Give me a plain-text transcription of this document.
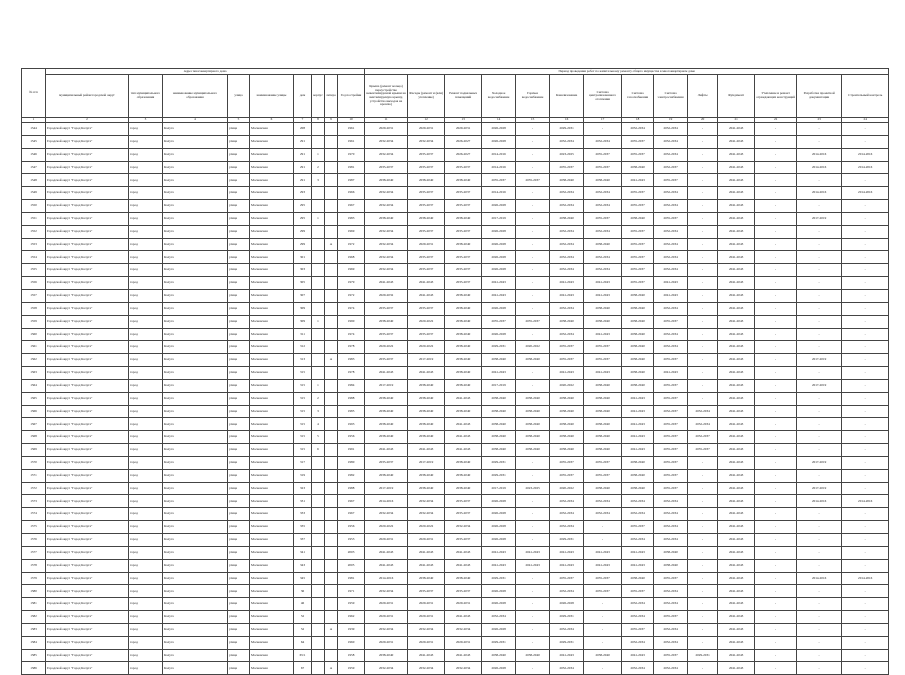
№ п/п	Адрес многоквартирного дома									Период проведения работ по капитальному ремонту общего имущества в многоквартирном доме													
	муниципальный район/городской округ	тип муниципального образования	наименование муниципального образования	улица	наименование улицы	дом	корпус	литера	Год постройки	Крыша (ремонт кольцо) переустройство невентилируемой крыши на вентилируемую крышу, устройство выходов на кровлю)	Фасады (ремонт и (или) утепление)	Ремонт подвальных помещений	Холодное водоснабжение	Горячее водоснабжение	Канализование	Система централизованного отопления	Система газоснабжения	Система электроснабжения	Лифты	Фундамент	Утепление и ремонт ограждающих конструкций	Разработка проектной документации	Строительный контроль
1	2	3	4	5	6	7	8	9	10	11	12	13	14	15	16	17	18	19	20	21	22	23	24
1544	Городской округ "Город Калуга"	город	Калуга	улица	Московская	208			1961	2029-2031	2029-2031	2029-2031	2026-2028	-	2029-2031	-	2032-2034	2032-2034	-	2041-2043	-	-	-
1545	Городской округ "Город Калуга"	город	Калуга	улица	Московская	291			1961	2032-2034	2032-2034	2026-2027	2026-2028	-	2032-2034	2032-2034	2035-2037	2032-2034	-	2041-2043	-	-	-
1546	Городской округ "Город Калуга"	город	Калуга	улица	Московская	291	1		1970	2032-2034	2035-2037	2026-2027	2014-2016	-	2023-2025	2035-2037	2035-2037	2032-2034	-	2041-2043	-	2014-2016	2014-2016
1547	Городской округ "Город Калуга"	город	Калуга	улица	Московская	291	2		1981	2035-2037	2035-2037	2035-2037	2014-2016	-	2035-2037	2035-2037	2038-2040	2032-2037	-	2041-2043	-	2014-2016	2014-2016
1548	Городской округ "Город Калуга"	город	Калуга	улица	Московская	291	3		1987	2038-2040	2038-2040	2038-2040	2035-2037	2035-2037	2038-2040	2038-2040	2041-2043	2035-2037	-	2041-2043	-	-	-
1549	Городской округ "Город Калуга"	город	Калуга	улица	Московская	293			1966	2032-2034	2035-2037	2035-2037	2014-2016	-	2032-2034	2032-2034	2035-2037	2032-2034	-	2041-2043	-	2014-2016	2014-2016
1550	Городской округ "Город Калуга"	город	Калуга	улица	Московская	295			1967	2032-2034	2035-2037	2035-2037	2026-2028	-	2032-2034	2032-2034	2035-2037	2032-2034	-	2041-2043	-	-	-
1551	Городской округ "Город Калуга"	город	Калуга	улица	Московская	295	1		1983	2038-2040	2038-2040	2038-2040	2017-2019	-	2038-2040	2035-2037	2038-2040	2035-2037	-	2041-2043	-	2017-2019	-
1552	Городской округ "Город Калуга"	город	Калуга	улица	Московская	299			1969	2032-2034	2035-2037	2035-2037	2026-2028	-	2032-2034	2032-2034	2035-2037	2032-2034	-	2041-2043	-	-	-
1553	Городской округ "Город Калуга"	город	Калуга	улица	Московская	299		А	1972	2032-2034	2029-2031	2038-2040	2026-2028	-	2032-2034	2038-2040	2035-2037	2032-2034	-	2041-2043	-	-	-
1554	Городской округ "Город Калуга"	город	Калуга	улица	Московская	301			1968	2032-2034	2035-2037	2035-2037	2026-2028	-	2032-2034	2032-2034	2035-2037	2032-2034	-	2041-2043	-	-	-
1555	Городской округ "Город Калуга"	город	Калуга	улица	Московская	303			1969	2032-2034	2035-2037	2035-2037	2026-2028	-	2032-2034	2032-2034	2035-2037	2032-2034	-	2041-2043	-	-	-
1556	Городской округ "Город Калуга"	город	Калуга	улица	Московская	305			1979	2041-2043	2041-2043	2035-2037	2041-2043	-	2041-2043	2041-2043	2035-2037	2041-2043	-	2041-2043	-	-	-
1557	Городской округ "Город Калуга"	город	Калуга	улица	Московская	307			1972	2029-2032	2041-2043	2038-2040	2041-2043	-	2041-2043	2041-2043	2038-2040	2041-2043	-	2041-2043	-	-	-
1558	Городской округ "Город Калуга"	город	Калуга	улица	Московская	309			1974	2035-2037	2035-2037	2038-2040	2026-2028	-	2032-2034	2038-2040	2038-2040	2032-2034	-	2041-2043	-	-	-
1559	Городской округ "Город Калуга"	город	Калуга	улица	Московская	309	1		1990	2038-2040	2020-2022	2038-2040	2035-2037	2035-2037	2038-2040	2038-2040	2038-2040	2035-2037	-	2041-2043	-	-	-
1560	Городской округ "Город Калуга"	город	Калуга	улица	Московская	311			1974	2035-2037	2035-2037	2038-2040	2026-2028	-	2032-2034	2041-2043	2038-2040	2032-2034	-	2041-2043	-	-	-
1561	Городской округ "Город Калуга"	город	Калуга	улица	Московская	312			1978	2029-2022	2020-2022	2038-2040	2029-2031	2020-2022	2035-2037	2035-2037	2038-2040	2032-2034	-	2041-2043	-	-	-
1562	Городской округ "Город Калуга"	город	Калуга	улица	Московская	313		А	1983	2035-2037	2017-2019	2038-2040	2038-2040	2038-2040	2035-2037	2035-2037	2038-2040	2035-2037	-	2041-2043	-	2017-2019	-
1563	Городской округ "Город Калуга"	город	Калуга	улица	Московская	315			1978	2041-2043	2041-2043	2038-2040	2041-2043	-	2041-2043	2041-2043	2038-2040	2041-2043	-	2041-2043	-	-	-
1564	Городской округ "Город Калуга"	город	Калуга	улица	Московская	315	1		1984	2017-2019	2038-2040	2038-2040	2017-2019	-	2020-2022	2038-2040	2038-2040	2035-2037	-	2041-2043	-	2017-2019	-
1565	Городской округ "Город Калуга"	город	Калуга	улица	Московская	315	2		1988	2038-2040	2038-2040	2041-2043	2038-2040	2038-2040	2038-2040	2038-2040	2041-2043	2035-2037	-	2041-2043	-	-	-
1566	Городской округ "Город Калуга"	город	Калуга	улица	Московская	315	3		1985	2038-2040	2038-2040	2038-2040	2038-2040	2038-2040	2038-2040	2038-2040	2041-2043	2032-2037	2032-2034	2041-2043	-	-	-
1567	Городской округ "Город Калуга"	город	Калуга	улица	Московская	315	4		1993	2038-2040	2038-2040	2041-2043	2038-2040	2038-2040	2038-2040	2038-2040	2041-2043	2035-2037	2032-2034	2041-2043	-	-	-
1568	Городской округ "Город Калуга"	город	Калуга	улица	Московская	315	5		1956	2038-2040	2038-2040	2041-2043	2038-2040	2038-2040	2038-2040	2038-2040	2041-2043	2035-2037	2032-2037	2041-2043	-	-	-
1569	Городской округ "Город Калуга"	город	Калуга	улица	Московская	315	6		1991	2041-2043	2041-2043	2041-2043	2038-2040	2038-2040	2038-2040	2038-2040	2041-2043	2035-2037	2035-2037	2041-2043	-	-	-
1570	Городской округ "Город Калуга"	город	Калуга	улица	Московская	317			1980	2035-2037	2017-2019	2038-2040	2029-2031	-	2035-2037	2035-2037	2038-2040	2035-2037	-	2041-2043	-	2017-2019	-
1571	Городской округ "Город Калуга"	город	Калуга	улица	Московская	319			1982	2038-2040	2038-2040	2038-2040	2029-2031	-	2035-2037	2035-2037	2038-2040	2035-2037	-	2041-2043	-	-	-
1572	Городской округ "Город Калуга"	город	Калуга	улица	Московская	323			1988	2017-2019	2038-2040	2038-2040	2017-2019	2023-2025	2020-2022	2038-2040	2038-2040	2035-2037	-	2041-2043	-	2017-2019	-
1573	Городской округ "Город Калуга"	город	Калуга	улица	Московская	331			1967	2014-2016	2032-2034	2035-2037	2026-2028	-	2032-2034	2032-2034	2032-2034	2032-2034	-	2041-2043	-	2014-2016	2014-2016
1574	Городской округ "Город Калуга"	город	Калуга	улица	Московская	333			1967	2032-2034	2032-2034	2035-2037	2026-2028	-	2032-2034	2032-2034	2032-2034	2032-2034	-	2041-2043	-	-	-
1575	Городской округ "Город Калуга"	город	Калуга	улица	Московская	335			1956	2020-2022	2020-2022	2032-2034	2026-2028	-	2032-2034	-	2035-2037	2032-2034	-	2041-2043	-	-	-
1576	Городской округ "Город Калуга"	город	Калуга	улица	Московская	337			1953	2029-2031	2029-2031	2035-2037	2026-2028	-	2029-2031	-	2032-2034	2032-2034	-	2041-2043	-	-	-
1577	Городской округ "Город Калуга"	город	Калуга	улица	Московская	341			2003	2041-2043	2041-2043	2041-2043	2041-2043	2041-2043	2041-2043	2041-2043	2041-2043	2038-2040	-	2041-2043	-	-	-
1578	Городской округ "Город Калуга"	город	Калуга	улица	Московская	343			2005	2041-2043	2041-2043	2041-2043	2041-2043	2041-2043	2041-2043	2041-2043	2041-2043	2038-2040	-	2041-2043	-	-	-
1579	Городской округ "Город Калуга"	город	Калуга	улица	Московская	345			1981	2014-2016	2038-2040	2038-2040	2029-2031	-	2035-2037	2035-2037	2038-2040	2035-2037	-	2041-2043	-	2014-2016	2014-2016
1580	Городской округ "Город Калуга"	город	Калуга	улица	Московская	36			1971	2032-2034	2035-2037	2035-2037	2026-2028	-	2032-2034	2035-2037	2035-2037	2032-2034	-	2041-2043	-	-	-
1581	Городской округ "Город Калуга"	город	Калуга	улица	Московская	46			1959	2029-2031	2029-2031	2029-2031	2026-2028	-	2026-2028	-	2032-2034	2032-2034	-	2041-2043	-	-	-
1582	Городской округ "Город Калуга"	город	Калуга	улица	Московская	52			1962	2029-2031	2029-2031	2041-2043	2032-2034	-	2029-2031	-	2032-2034	2035-2037	-	2041-2043	-	-	-
1583	Городской округ "Город Калуга"	город	Калуга	улица	Московская	52		А	1939	2032-2034	2032-2034	2032-2034	2026-2028	-	2032-2034	-	2035-2037	2032-2034	-	2041-2043	-	-	-
1584	Городской округ "Город Калуга"	город	Калуга	улица	Московская	64			1960	2029-2031	2029-2031	2029-2031	2029-2031	-	2029-2031	-	2032-2034	2032-2034	-	2041-2043	-	-	-
1585	Городской округ "Город Калуга"	город	Калуга	улица	Московская	65/1			1958	2038-2040	2041-2043	2041-2043	2038-2040	2038-2040	2041-2043	2038-2040	2041-2043	2035-2037	2029-2031	2041-2043	-	-	-
1586	Городской округ "Город Калуга"	город	Калуга	улица	Московская	67		А	1959	2032-2034	2032-2034	2032-2034	2026-2028	-	2032-2034	-	2032-2034	2032-2034	-	2041-2043	-	-	-
